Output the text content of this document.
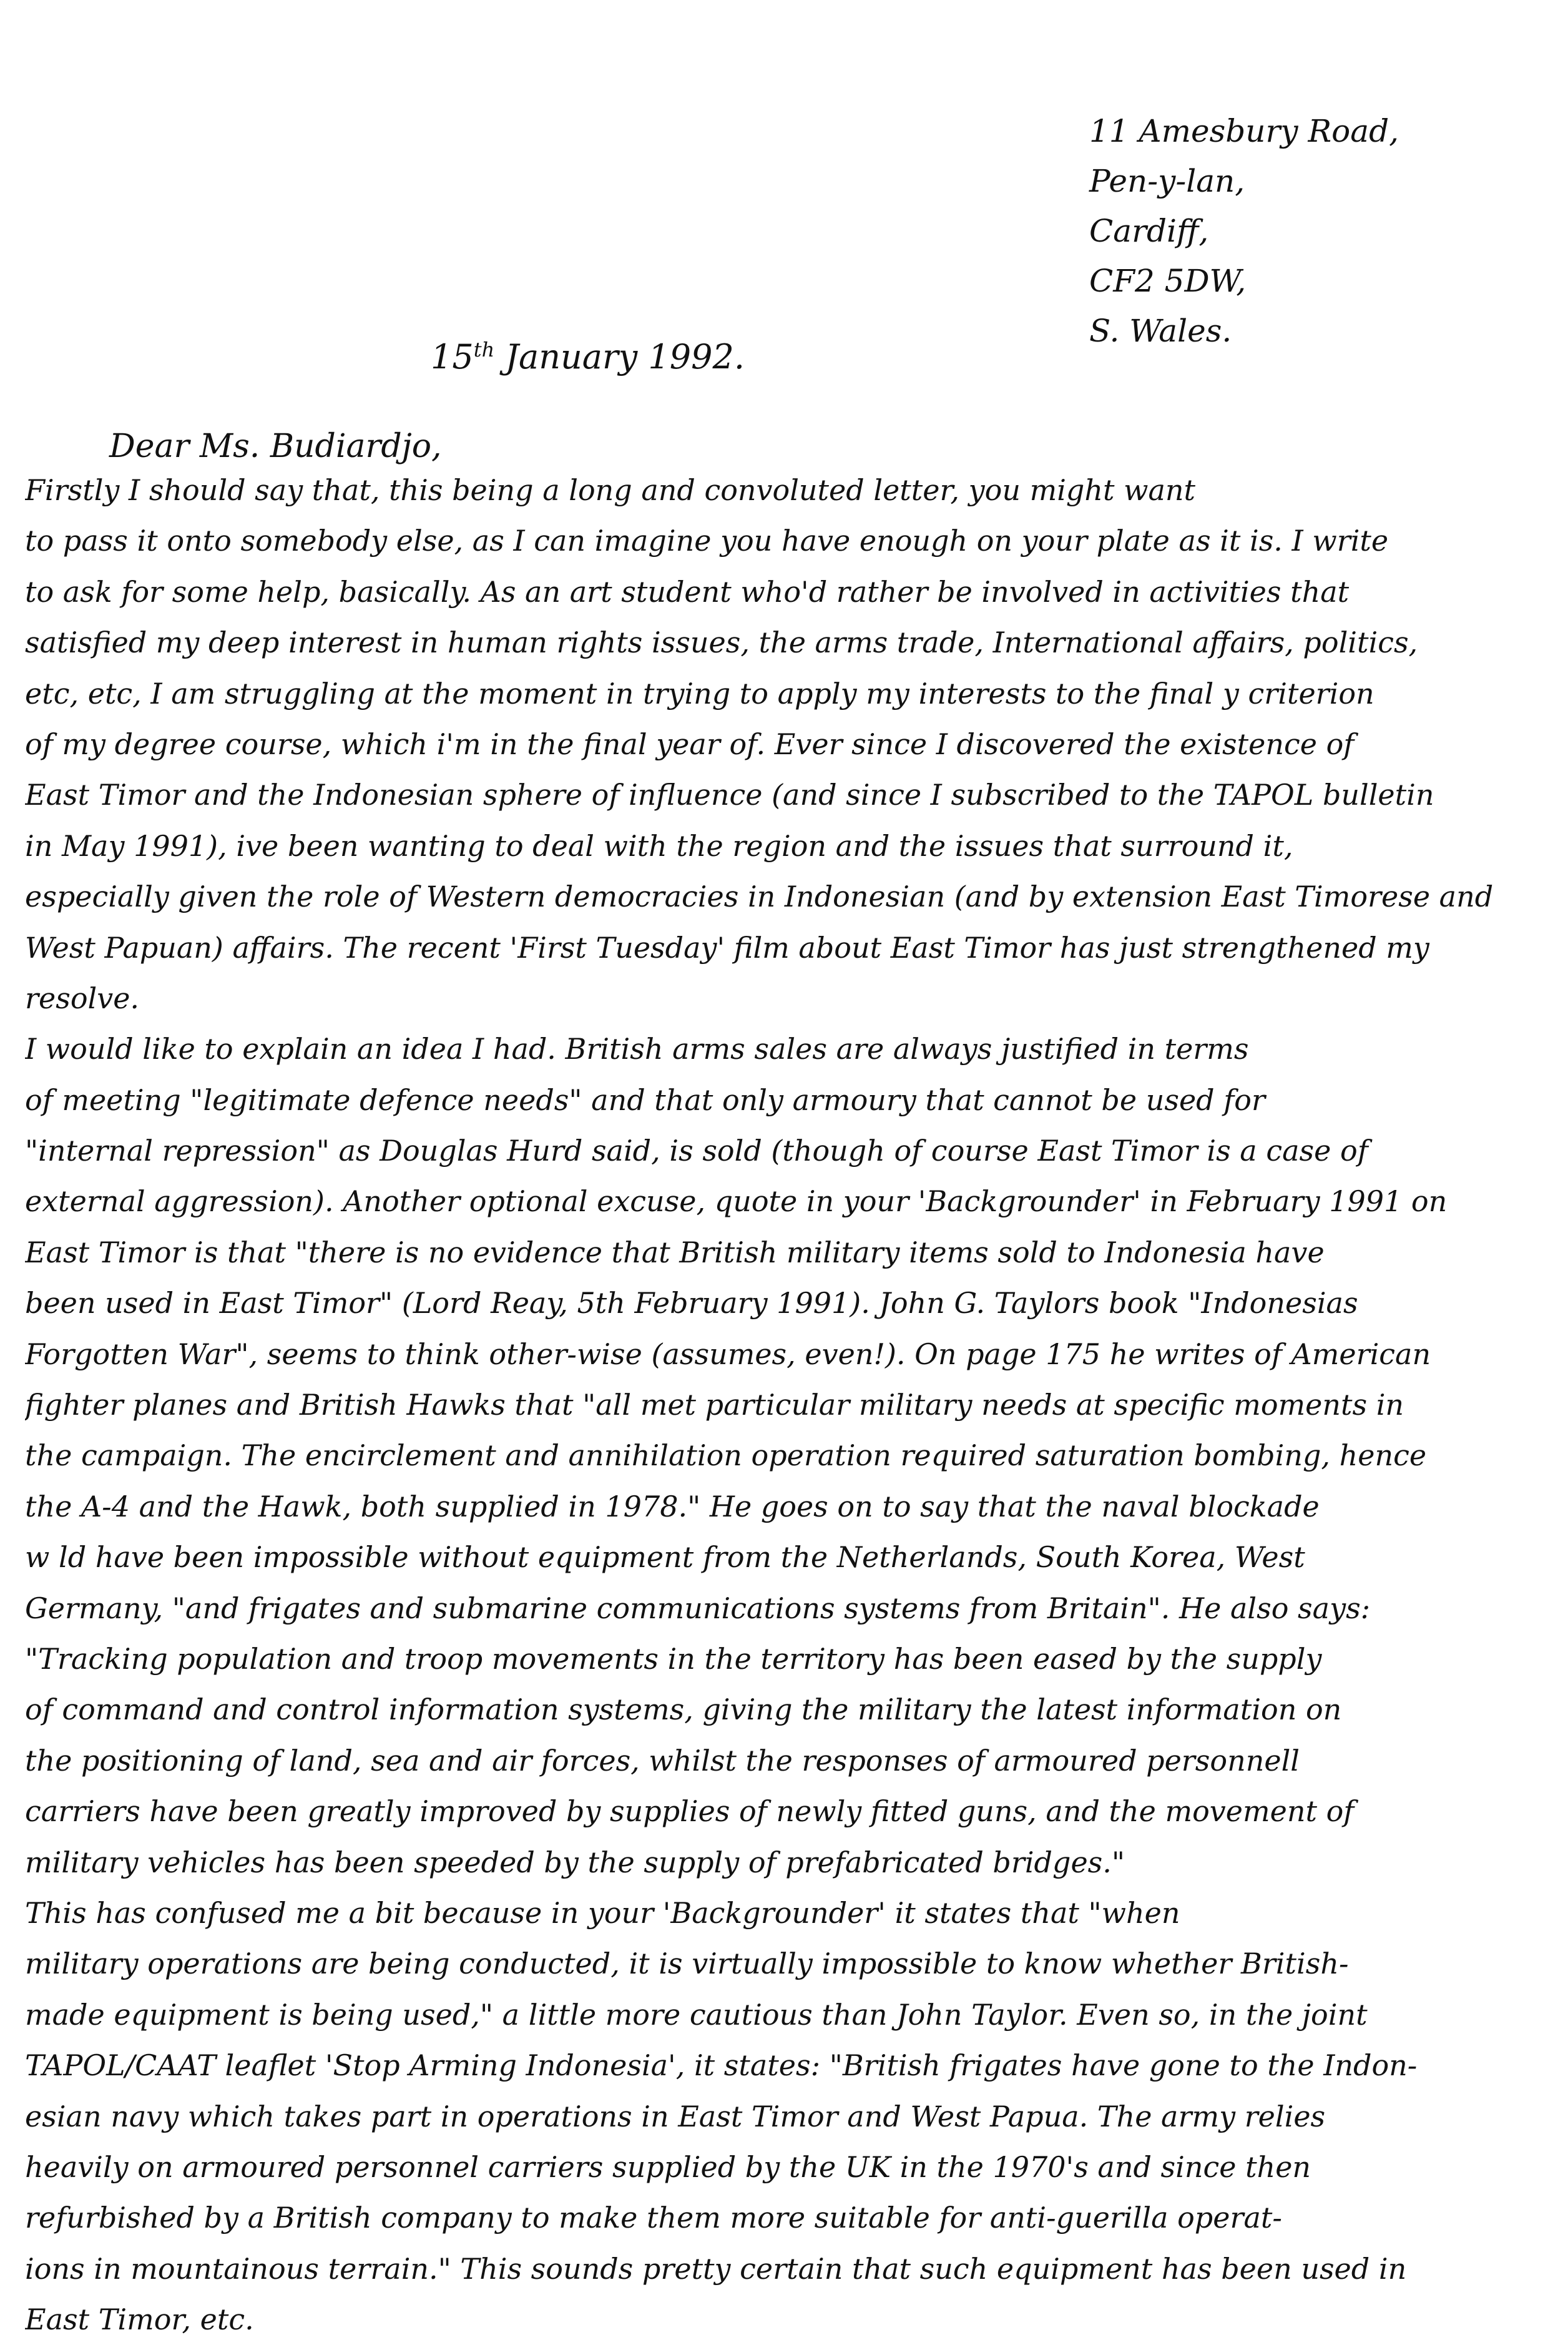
11 Amesbury Road,
Pen-y-lan,
Cardiff,
CF2 5DW,
S. Wales.
15th January 1992.
Dear Ms. Budiardjo,
Firstly I should say that, this being a long and convoluted letter, you might want
to pass it onto somebody else, as I can imagine you have enough on your plate as it is. I write
to ask for some help, basically. As an art student who'd rather be involved in activities that
satisfied my deep interest in human rights issues, the arms trade, International affairs, politics,
etc, etc, I am struggling at the moment in trying to apply my interests to the final y criterion
of my degree course, which i'm in the final year of. Ever since I discovered the existence of
East Timor and the Indonesian sphere of influence (and since I subscribed to the TAPOL bulletin
in May 1991), ive been wanting to deal with the region and the issues that surround it,
especially given the role of Western democracies in Indonesian (and by extension East Timorese and
West Papuan) affairs. The recent 'First Tuesday' film about East Timor has just strengthened my
resolve.
I would like to explain an idea I had. British arms sales are always justified in terms
of meeting "legitimate defence needs" and that only armoury that cannot be used for
"internal repression" as Douglas Hurd said, is sold (though of course East Timor is a case of
external aggression). Another optional excuse, quote in your 'Backgrounder' in February 1991 on
East Timor is that "there is no evidence that British military items sold to Indonesia have
been used in East Timor" (Lord Reay, 5th February 1991). John G. Taylors book "Indonesias
Forgotten War", seems to think other-wise (assumes, even!). On page 175 he writes of American
fighter planes and British Hawks that "all met particular military needs at specific moments in
the campaign. The encirclement and annihilation operation required saturation bombing, hence
the A-4 and the Hawk, both supplied in 1978." He goes on to say that the naval blockade
w ld have been impossible without equipment from the Netherlands, South Korea, West
Germany, "and frigates and submarine communications systems from Britain". He also says:
"Tracking population and troop movements in the territory has been eased by the supply
of command and control information systems, giving the military the latest information on
the positioning of land, sea and air forces, whilst the responses of armoured personnell
carriers have been greatly improved by supplies of newly fitted guns, and the movement of
military vehicles has been speeded by the supply of prefabricated bridges."
This has confused me a bit because in your 'Backgrounder' it states that "when
military operations are being conducted, it is virtually impossible to know whether British-
made equipment is being used," a little more cautious than John Taylor. Even so, in the joint
TAPOL/CAAT leaflet 'Stop Arming Indonesia', it states: "British frigates have gone to the Indon-
esian navy which takes part in operations in East Timor and West Papua. The army relies
heavily on armoured personnel carriers supplied by the UK in the 1970's and since then
refurbished by a British company to make them more suitable for anti-guerilla operat-
ions in mountainous terrain." This sounds pretty certain that such equipment has been used in
East Timor, etc.
